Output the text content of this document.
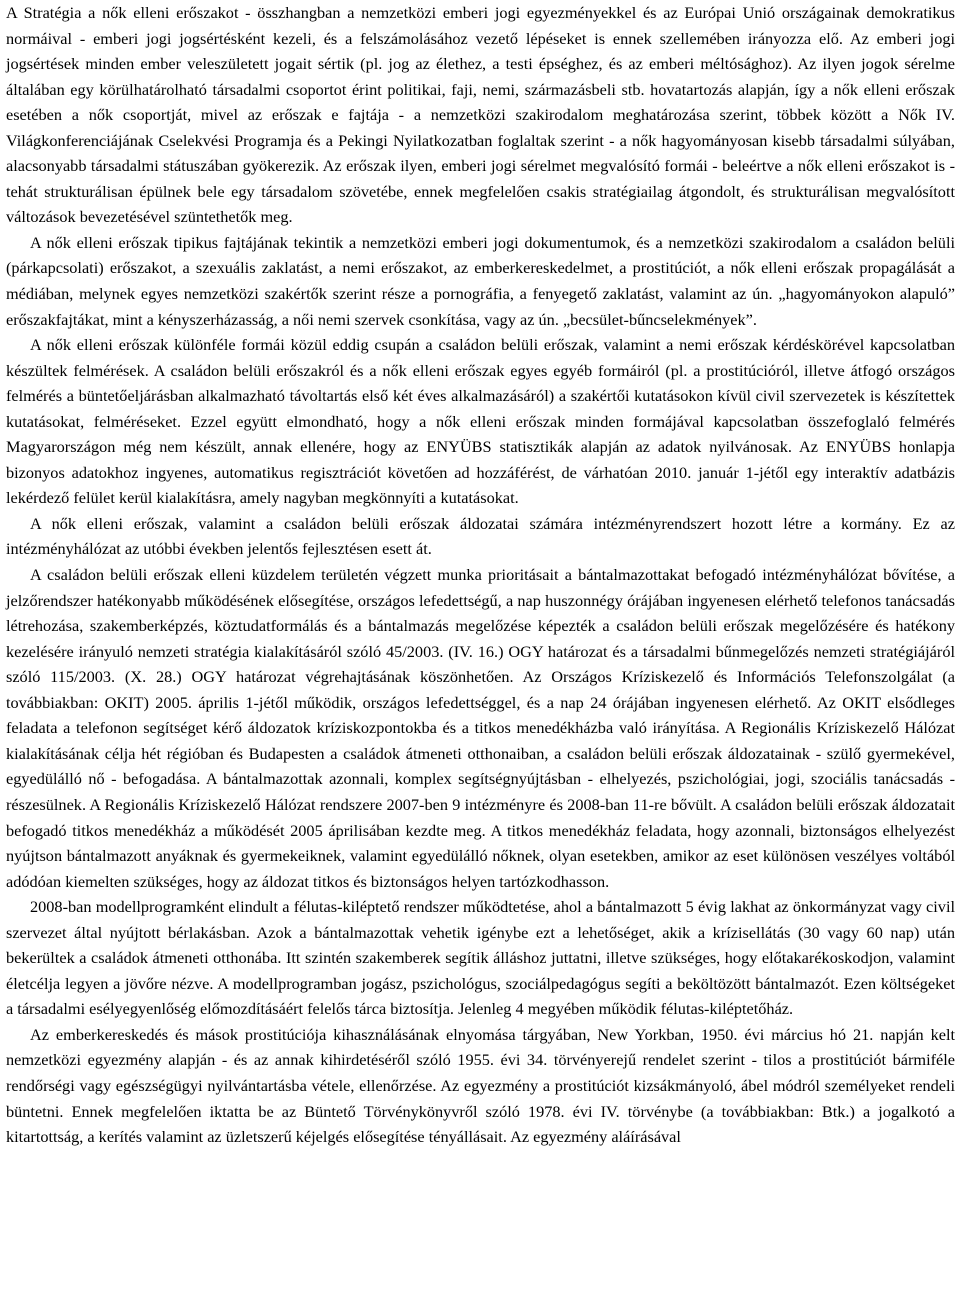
A Stratégia a nők elleni erőszakot - összhangban a nemzetközi emberi jogi egyezményekkel és az Európai Unió országainak demokratikus normáival - emberi jogi jogsértésként kezeli, és a felszámolásához vezető lépéseket is ennek szellemében irányozza elő. Az emberi jogi jogsértések minden ember veleszületett jogait sértik (pl. jog az élethez, a testi épséghez, és az emberi méltósághoz). Az ilyen jogok sérelme általában egy körülhatárolható társadalmi csoportot érint politikai, faji, nemi, származásbeli stb. hovatartozás alapján, így a nők elleni erőszak esetében a nők csoportját, mivel az erőszak e fajtája - a nemzetközi szakirodalom meghatározása szerint, többek között a Nők IV. Világkonferenciájának Cselekvési Programja és a Pekingi Nyilatkozatban foglaltak szerint - a nők hagyományosan kisebb társadalmi súlyában, alacsonyabb társadalmi státuszában gyökerezik. Az erőszak ilyen, emberi jogi sérelmet megvalósító formái - beleértve a nők elleni erőszakot is - tehát strukturálisan épülnek bele egy társadalom szövetébe, ennek megfelelően csakis stratégiailag átgondolt, és strukturálisan megvalósított változások bevezetésével szüntethetők meg.

A nők elleni erőszak tipikus fajtájának tekintik a nemzetközi emberi jogi dokumentumok, és a nemzetközi szakirodalom a családon belüli (párkapcsolati) erőszakot, a szexuális zaklatást, a nemi erőszakot, az emberkereskedelmet, a prostitúciót, a nők elleni erőszak propagálását a médiában, melynek egyes nemzetközi szakértők szerint része a pornográfia, a fenyegető zaklatást, valamint az ún. „hagyományokon alapuló” erőszakfajtákat, mint a kényszerházasság, a női nemi szervek csonkítása, vagy az ún. „becsület-bűncselekmények”.

A nők elleni erőszak különféle formái közül eddig csupán a családon belüli erőszak, valamint a nemi erőszak kérdéskörével kapcsolatban készültek felmérések. A családon belüli erőszakról és a nők elleni erőszak egyes egyéb formáiról (pl. a prostitúcióról, illetve átfogó országos felmérés a büntetőeljárásban alkalmazható távoltartás első két éves alkalmazásáról) a szakértői kutatásokon kívül civil szervezetek is készítettek kutatásokat, felméréseket. Ezzel együtt elmondható, hogy a nők elleni erőszak minden formájával kapcsolatban összefoglaló felmérés Magyarországon még nem készült, annak ellenére, hogy az ENYÜBS statisztikák alapján az adatok nyilvánosak. Az ENYÜBS honlapja bizonyos adatokhoz ingyenes, automatikus regisztrációt követően ad hozzáférést, de várhatóan 2010. január 1-jétől egy interaktív adatbázis lekérdező felület kerül kialakításra, amely nagyban megkönnyíti a kutatásokat.

A nők elleni erőszak, valamint a családon belüli erőszak áldozatai számára intézményrendszert hozott létre a kormány. Ez az intézményhálózat az utóbbi években jelentős fejlesztésen esett át.

A családon belüli erőszak elleni küzdelem területén végzett munka prioritásait a bántalmazottakat befogadó intézményhálózat bővítése, a jelzőrendszer hatékonyabb működésének elősegítése, országos lefedettségű, a nap huszonnégy órájában ingyenesen elérhető telefonos tanácsadás létrehozása, szakemberképzés, köztudatformálás és a bántalmazás megelőzése képezték a családon belüli erőszak megelőzésére és hatékony kezelésére irányuló nemzeti stratégia kialakításáról szóló 45/2003. (IV. 16.) OGY határozat és a társadalmi bűnmegelőzés nemzeti stratégiájáról szóló 115/2003. (X. 28.) OGY határozat végrehajtásának köszönhetően. Az Országos Kríziskezelő és Információs Telefonszolgálat (a továbbiakban: OKIT) 2005. április 1-jétől működik, országos lefedettséggel, és a nap 24 órájában ingyenesen elérhető. Az OKIT elsődleges feladata a telefonon segítséget kérő áldozatok kríziskozpontokba és a titkos menedékházba való irányítása. A Regionális Kríziskezelő Hálózat kialakításának célja hét régióban és Budapesten a családok átmeneti otthonaiban, a családon belüli erőszak áldozatainak - szülő gyermekével, egyedülálló nő - befogadása. A bántalmazottak azonnali, komplex segítségnyújtásban - elhelyezés, pszichológiai, jogi, szociális tanácsadás - részesülnek. A Regionális Kríziskezelő Hálózat rendszere 2007-ben 9 intézményre és 2008-ban 11-re bővült. A családon belüli erőszak áldozatait befogadó titkos menedékház a működését 2005 áprilisában kezdte meg. A titkos menedékház feladata, hogy azonnali, biztonságos elhelyezést nyújtson bántalmazott anyáknak és gyermekeiknek, valamint egyedülálló nőknek, olyan esetekben, amikor az eset különösen veszélyes voltából adódóan kiemelten szükséges, hogy az áldozat titkos és biztonságos helyen tartózkodhasson.

2008-ban modellprogramként elindult a félutas-kiléptető rendszer működtetése, ahol a bántalmazott 5 évig lakhat az önkormányzat vagy civil szervezet által nyújtott bérlakásban. Azok a bántalmazottak vehetik igénybe ezt a lehetőséget, akik a krízisellátás (30 vagy 60 nap) után bekerültek a családok átmeneti otthonába. Itt szintén szakemberek segítik álláshoz juttatni, illetve szükséges, hogy előtakarékoskodjon, valamint életcélja legyen a jövőre nézve. A modellprogramban jogász, pszichológus, szociálpedagógus segíti a beköltözött bántalmazót. Ezen költségeket a társadalmi esélyegyenlőség előmozdításáért felelős tárca biztosítja. Jelenleg 4 megyében működik félutas-kiléptetőház.

Az emberkereskedés és mások prostitúciója kihasználásának elnyomása tárgyában, New Yorkban, 1950. évi március hó 21. napján kelt nemzetközi egyezmény alapján - és az annak kihirdetéséről szóló 1955. évi 34. törvényerejű rendelet szerint - tilos a prostitúciót bármiféle rendőrségi vagy egészségügyi nyilvántartásba vétele, ellenőrzése. Az egyezmény a prostitúciót kizsákmányoló, ábel módról személyeket rendeli büntetni. Ennek megfelelően iktatta be az Büntető Törvénykönyvről szóló 1978. évi IV. törvénybe (a továbbiakban: Btk.) a jogalkotó a kitartottság, a kerítés valamint az üzletszerű kéjelgés elősegítése tényállásait. Az egyezmény aláírásával
